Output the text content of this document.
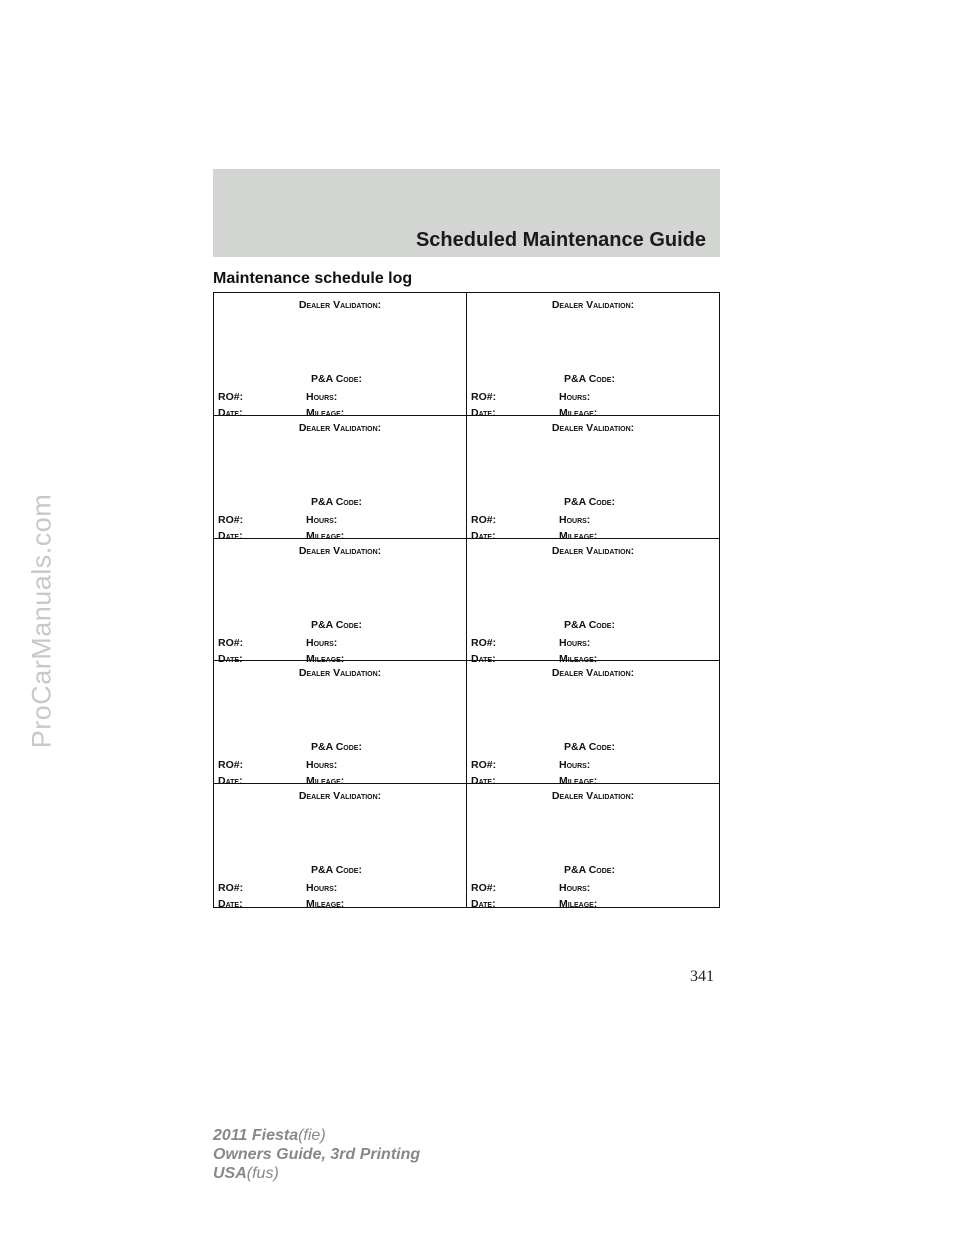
ProCarManuals.com
Scheduled Maintenance Guide
Maintenance schedule log
Dealer Validation:
P&A Code:
RO#:	Hours:
Date:	Mileage:
Dealer Validation:
P&A Code:
RO#:	Hours:
Date:	Mileage:
Dealer Validation:
P&A Code:
RO#:	Hours:
Date:	Mileage:
Dealer Validation:
P&A Code:
RO#:	Hours:
Date:	Mileage:
Dealer Validation:
P&A Code:
RO#:	Hours:
Date:	Mileage:
Dealer Validation:
P&A Code:
RO#:	Hours:
Date:	Mileage:
Dealer Validation:
P&A Code:
RO#:	Hours:
Date:	Mileage:
Dealer Validation:
P&A Code:
RO#:	Hours:
Date:	Mileage:
Dealer Validation:
P&A Code:
RO#:	Hours:
Date:	Mileage:
Dealer Validation:
P&A Code:
RO#:	Hours:
Date:	Mileage:
341
2011 Fiesta(fie)
Owners Guide, 3rd Printing
USA(fus)
